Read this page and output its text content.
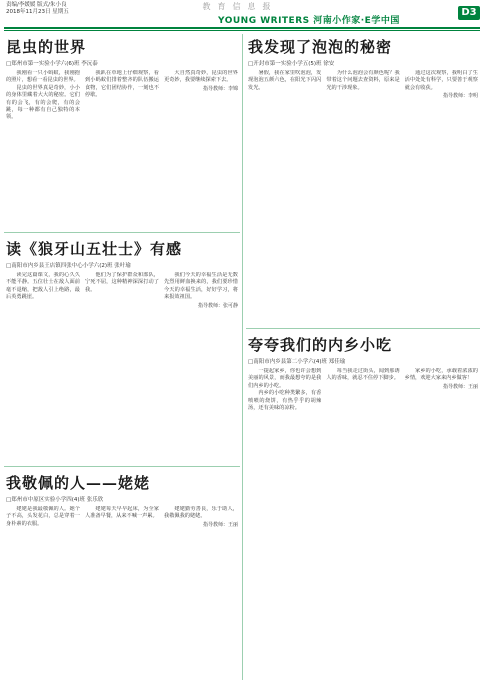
责编/李媛媛 版式/朱小良
2018年11月23日 星期五
教育信息报
YOUNG WRITERS 河南小作家·E学中国
D3
昆虫的世界
□郑州市第一实验小学六(6)班 李沅泰

我刚看一只小蚂蚁，我刚抱的照片，想看一看昆虫的世界。

昆虫的世界真是奇妙，小小的身体里藏着大大的秘密。它们有的会飞，有的会爬，有的会跳，每一种都有自己独特的本领。

我趴在草地上仔细观察，看到小蚂蚁们排着整齐的队伍搬运食物，它们团结协作，一刻也不停歇。

大自然真奇妙，昆虫的世界更奇妙，我要继续探索下去。

指导教师：李锦
读《狼牙山五壮士》有感
□南阳市内乡县王店镇四张中心小学六(2)班 张叶瑜

读完这篇课文，我的心久久不能平静。五位壮士在敌人面前毫不退缩，把敌人引上绝路，最后英勇跳崖。

他们为了保护群众和部队，宁死不屈，这种精神深深打动了我。

我们今天的幸福生活是无数先烈用鲜血换来的，我们要珍惜今天的幸福生活，好好学习，将来报效祖国。

指导教师：张可静
我敬佩的人——姥姥
□郑州市中原区实验小学四(4)班 张乐欣

姥姥是我最敬佩的人。她个子不高，头发花白，总是穿着一身朴素的衣服。

姥姥每天早早起床，为全家人准备早餐，从来不喊一声累。

姥姥勤劳善良，乐于助人，我敬佩我的姥姥。

指导教师：王丽
我发现了泡泡的秘密
□开封市第一实验小学五(5)班 徐安

暑假，我在家里吹泡泡，发现泡泡五颜六色，在阳光下闪闪发光。

为什么泡泡会有颜色呢？我带着这个问题去查资料，原来是光的干涉现象。

通过这次观察，我明白了生活中处处有科学，只要善于观察就会有收获。

指导教师：李明
夸夸我们的内乡小吃
□南阳市内乡县第二小学六(4)班 郑佳瑜

一提起家乡，你也许会想到美丽的风景，而我最想夸的是我们内乡的小吃。

内乡的小吃种类繁多，有香喷喷的烧饼，有热乎乎的胡辣汤，还有美味的凉粉。

每当我走过街头，闻到那诱人的香味，就忍不住停下脚步。

家乡的小吃，承载着浓浓的乡情，欢迎大家来内乡做客！

指导教师：王丽
